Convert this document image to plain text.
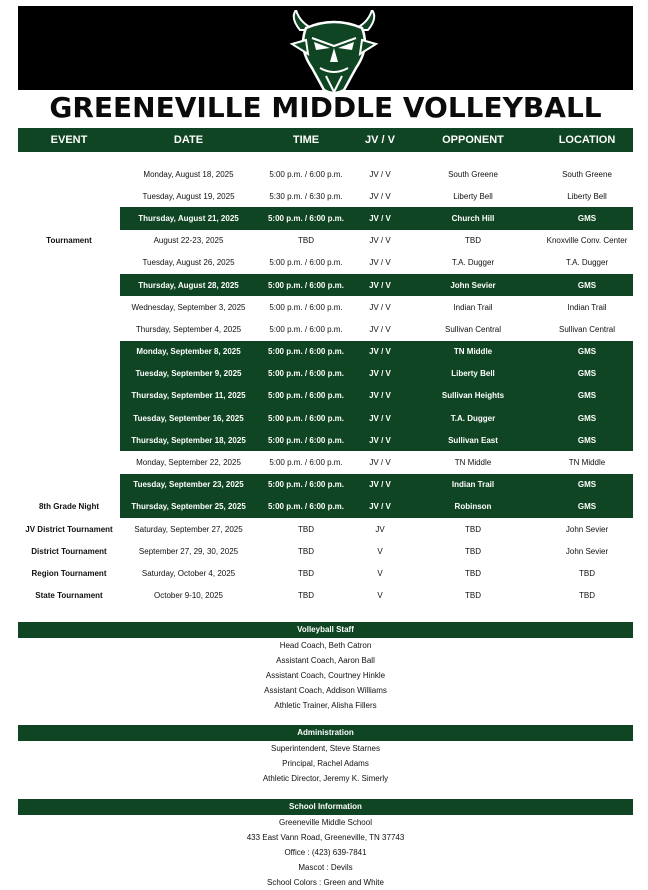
GREENEVILLE MIDDLE VOLLEYBALL
EVENT	DATE	TIME	JV / V	OPPONENT	LOCATION

	Monday, August 18, 2025	5:00 p.m. / 6:00 p.m.	JV / V	South Greene	South Greene
	Tuesday, August 19, 2025	5:30 p.m. / 6:30 p.m.	JV / V	Liberty Bell	Liberty Bell
	Thursday, August 21, 2025	5:00 p.m. / 6:00 p.m.	JV / V	Church Hill	GMS
Tournament	August 22-23, 2025	TBD	JV / V	TBD	Knoxville Conv. Center
	Tuesday, August 26, 2025	5:00 p.m. / 6:00 p.m.	JV / V	T.A. Dugger	T.A. Dugger
	Thursday, August 28, 2025	5:00 p.m. / 6:00 p.m.	JV / V	John Sevier	GMS
	Wednesday, September 3, 2025	5:00 p.m. / 6:00 p.m.	JV / V	Indian Trail	Indian Trail
	Thursday, September 4, 2025	5:00 p.m. / 6:00 p.m.	JV / V	Sullivan Central	Sullivan Central
	Monday, September 8, 2025	5:00 p.m. / 6:00 p.m.	JV / V	TN Middle	GMS
	Tuesday, September 9, 2025	5:00 p.m. / 6:00 p.m.	JV / V	Liberty Bell	GMS
	Thursday, September 11, 2025	5:00 p.m. / 6:00 p.m.	JV / V	Sullivan Heights	GMS
	Tuesday, September 16, 2025	5:00 p.m. / 6:00 p.m.	JV / V	T.A. Dugger	GMS
	Thursday, September 18, 2025	5:00 p.m. / 6:00 p.m.	JV / V	Sullivan East	GMS
	Monday, September 22, 2025	5:00 p.m. / 6:00 p.m.	JV / V	TN Middle	TN Middle
	Tuesday, September 23, 2025	5:00 p.m. / 6:00 p.m.	JV / V	Indian Trail	GMS
8th Grade Night	Thursday, September 25, 2025	5:00 p.m. / 6:00 p.m.	JV / V	Robinson	GMS
JV District Tournament	Saturday, September 27, 2025	TBD	JV	TBD	John Sevier
District Tournament	September 27, 29, 30, 2025	TBD	V	TBD	John Sevier
Region Tournament	Saturday, October 4, 2025	TBD	V	TBD	TBD
State Tournament	October 9-10, 2025	TBD	V	TBD	TBD
Volleyball Staff
Head Coach, Beth Catron
Assistant Coach, Aaron Ball
Assistant Coach, Courtney Hinkle
Assistant Coach, Addison Williams
Athletic Trainer, Alisha Fillers
Administration
Superintendent, Steve Starnes
Principal, Rachel Adams
Athletic Director, Jeremy K. Simerly
School Information
Greeneville Middle School
433 East Vann Road, Greeneville, TN 37743
Office : (423) 639-7841
Mascot : Devils
School Colors : Green and White
